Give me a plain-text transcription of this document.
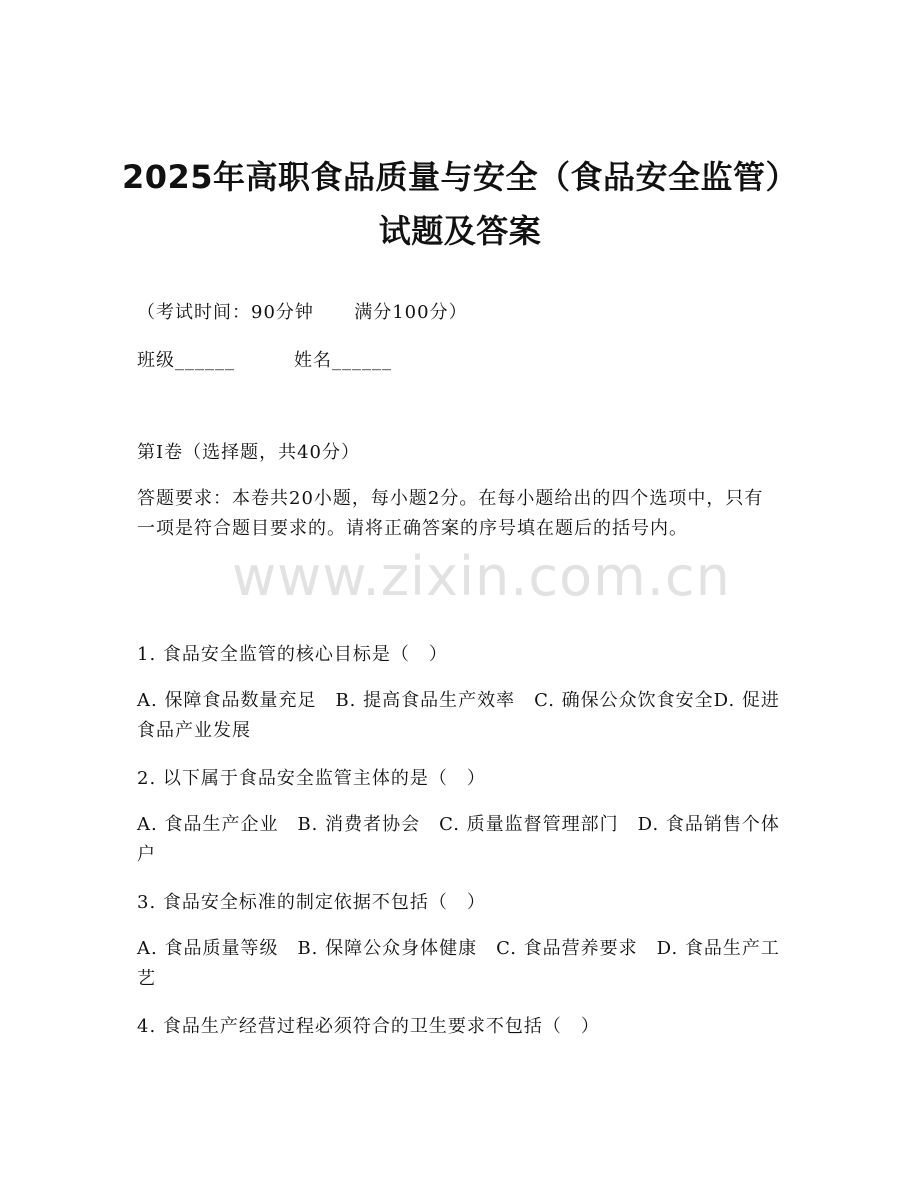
2025年高职食品质量与安全（食品安全监管）试题及答案
（考试时间：90分钟      满分100分）
班级______	姓名______
第I卷（选择题，共40分）
答题要求：本卷共20小题，每小题2分。在每小题给出的四个选项中，只有一项是符合题目要求的。请将正确答案的序号填在题后的括号内。
www.zixin.com.cn
1. 食品安全监管的核心目标是（　）
A. 保障食品数量充足　B. 提高食品生产效率　C. 确保公众饮食安全D. 促进食品产业发展
2. 以下属于食品安全监管主体的是（　）
A. 食品生产企业　B. 消费者协会　C. 质量监督管理部门　D. 食品销售个体户
3. 食品安全标准的制定依据不包括（　）
A. 食品质量等级　B. 保障公众身体健康　C. 食品营养要求　D. 食品生产工艺
4. 食品生产经营过程必须符合的卫生要求不包括（　）
